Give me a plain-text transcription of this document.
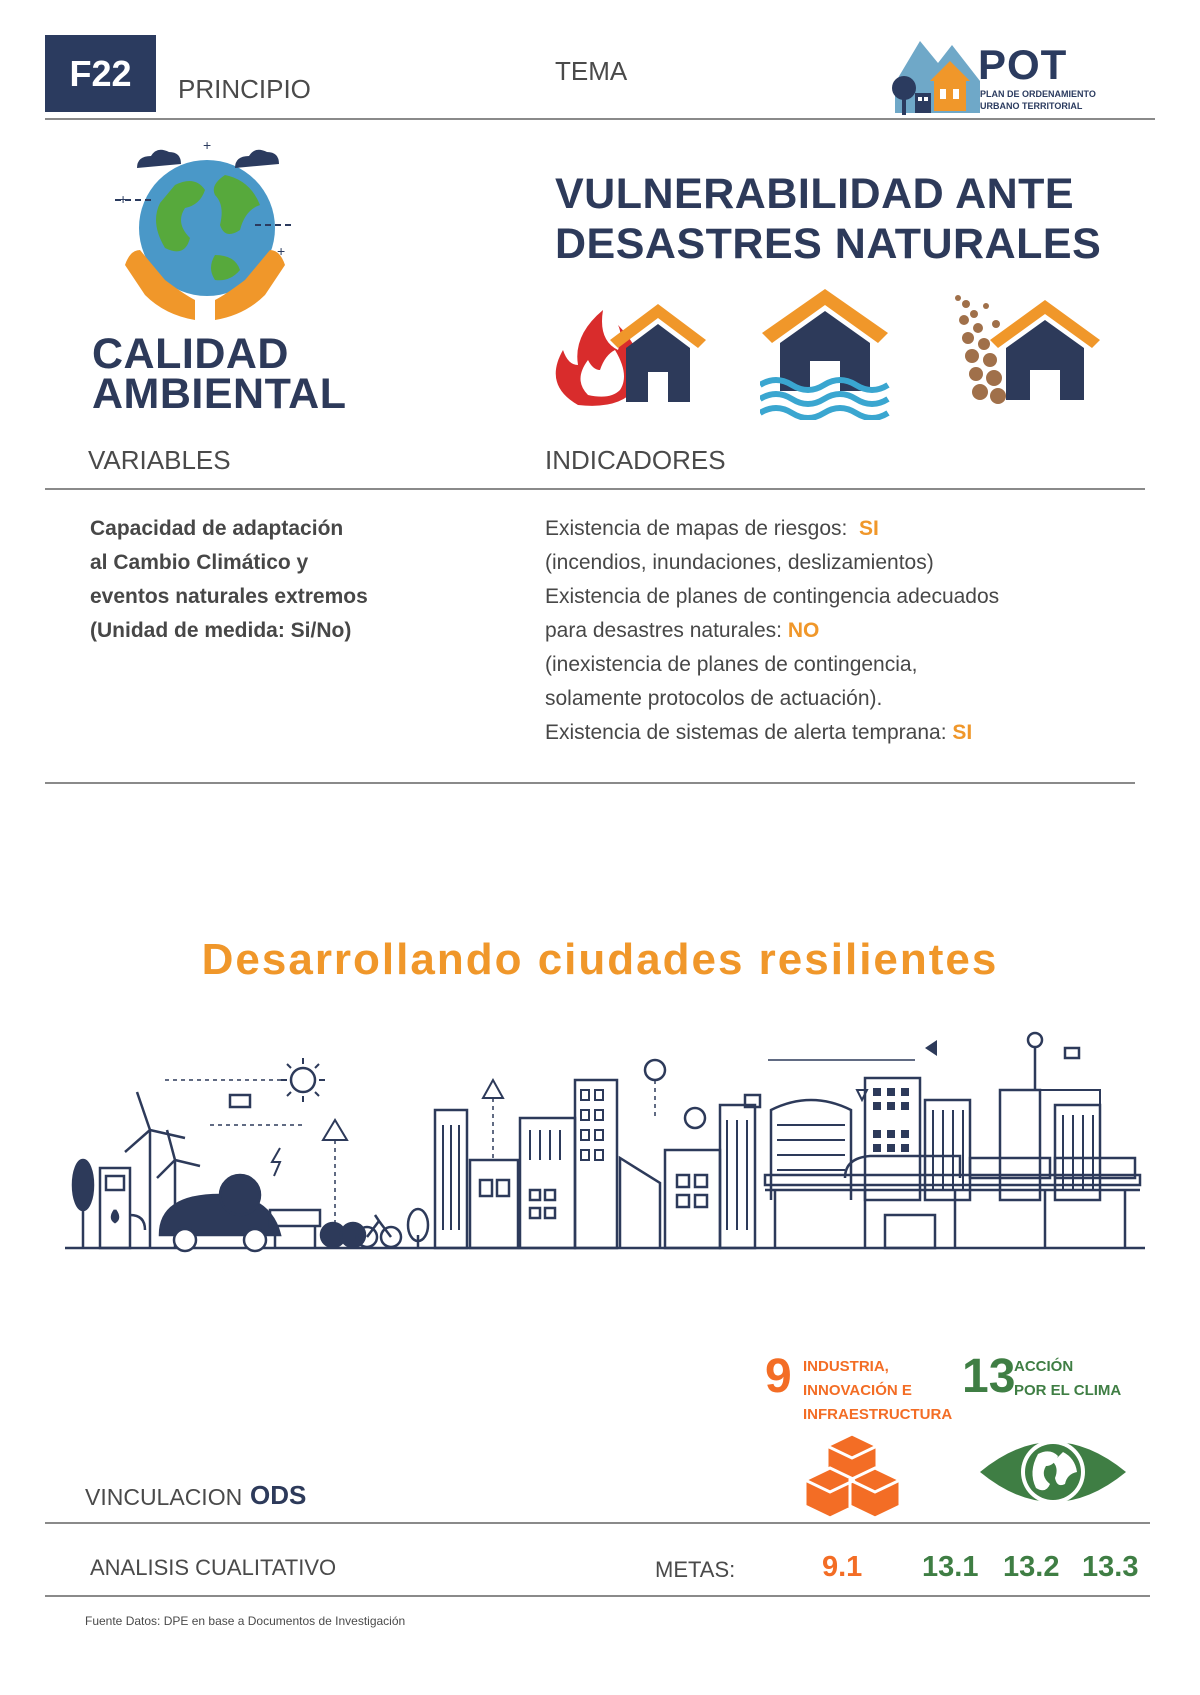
F22	PRINCIPIO
TEMA	POT
PLAN DE ORDENAMIENTO
URBANO TERRITORIAL
+
+
+
CALIDAD
AMBIENTAL
VULNERABILIDAD ANTE
DESASTRES NATURALES
VARIABLES	INDICADORES
Capacidad de adaptación
al Cambio Climático y
eventos naturales extremos
(Unidad de medida: Si/No)
Existencia de mapas de riesgos: SI
(incendios, inundaciones, deslizamientos)
Existencia de planes de contingencia adecuados
para desastres naturales: NO
(inexistencia de planes de contingencia,
solamente protocolos de actuación).
Existencia de sistemas de alerta temprana: SI
Desarrollando ciudades resilientes
9 INDUSTRIA,
INNOVACIÓN E
INFRAESTRUCTURA
13
ACCIÓN
POR EL CLIMA
VINCULACION ODS
ANALISIS CUALITATIVO	METAS:	9.1 13.1 13.2 13.3
Fuente Datos: DPE en base a Documentos de Investigación
